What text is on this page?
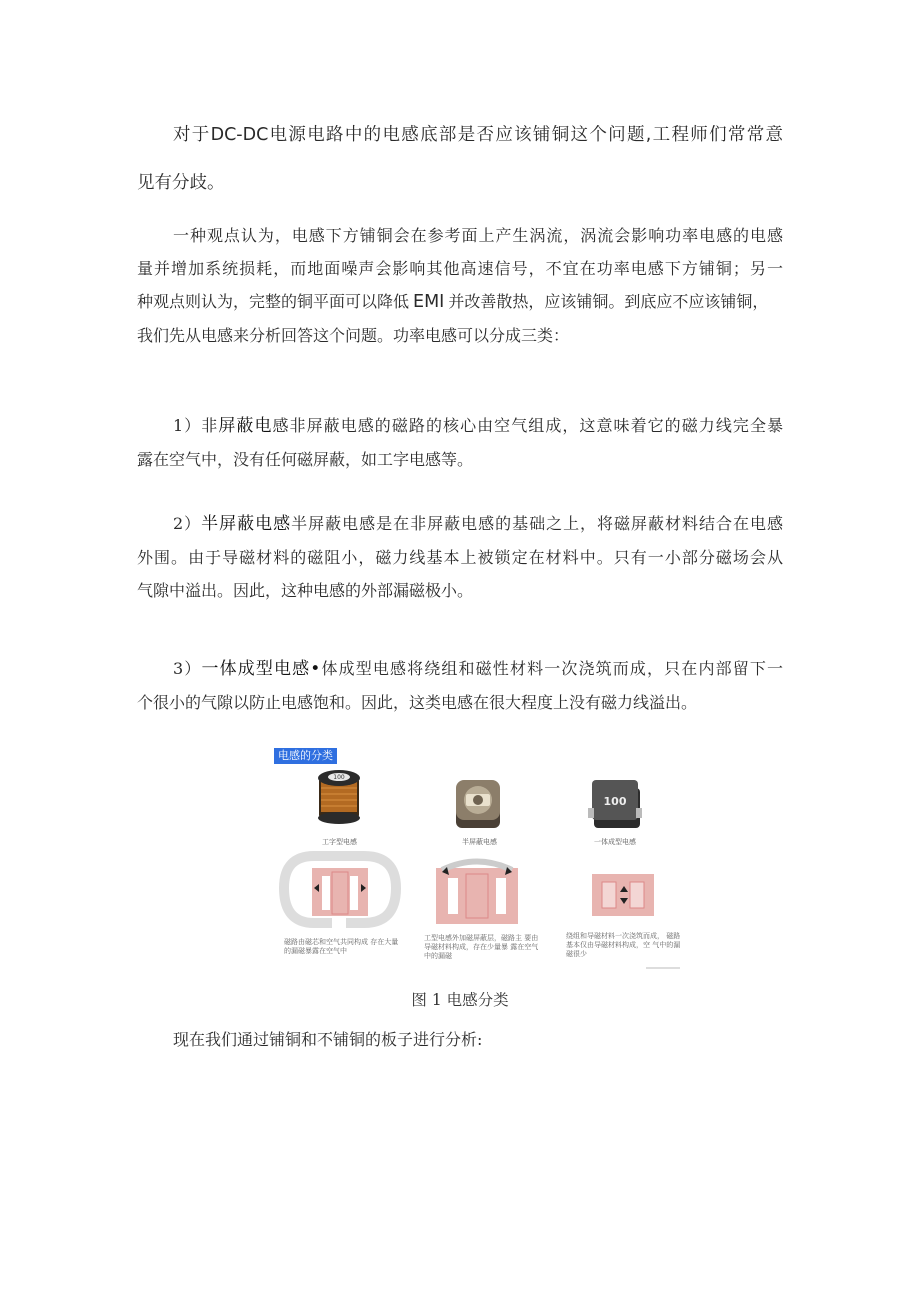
对于DC-DC电源电路中的电感底部是否应该铺铜这个问题,工程师们常常意
见有分歧。
一种观点认为，电感下方铺铜会在参考面上产生涡流，涡流会影响功率电感的电感
量并增加系统损耗，而地面噪声会影响其他高速信号，不宜在功率电感下方铺铜；另一
种观点则认为，完整的铜平面可以降低 EMI 并改善散热，应该铺铜。到底应不应该铺铜，
我们先从电感来分析回答这个问题。功率电感可以分成三类：
1）非屏蔽电感非屏蔽电感的磁路的核心由空气组成，这意味着它的磁力线完全暴
露在空气中，没有任何磁屏蔽，如工字电感等。
2）半屏蔽电感半屏蔽电感是在非屏蔽电感的基础之上，将磁屏蔽材料结合在电感
外围。由于导磁材料的磁阻小，磁力线基本上被锁定在材料中。只有一小部分磁场会从
气隙中溢出。因此，这种电感的外部漏磁极小。
3）一体成型电感•体成型电感将绕组和磁性材料一次浇筑而成，只在内部留下一
个很小的气隙以防止电感饱和。因此，这类电感在很大程度上没有磁力线溢出。
电感的分类
100
100
工字型电感	半屏蔽电感	一体成型电感
磁路由磁芯和空气共同构成 存在大量的漏磁暴露在空气中
工型电感外加磁屏蔽层，磁路主 要由导磁材料构成，存在少量暴 露在空气中的漏磁
绕组和导磁材料一次浇筑而成， 磁路基本仅由导磁材料构成，空 气中的漏磁很少
图 1 电感分类
现在我们通过铺铜和不铺铜的板子进行分析:
